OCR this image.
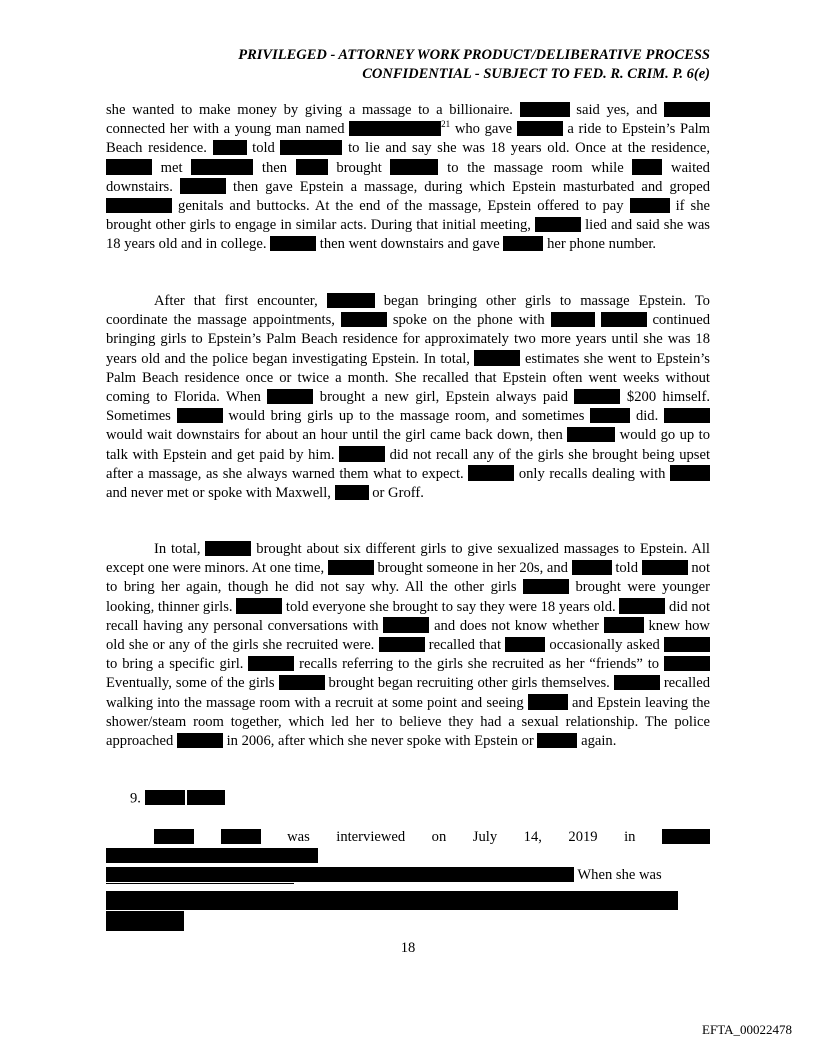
PRIVILEGED - ATTORNEY WORK PRODUCT/DELIBERATIVE PROCESS
CONFIDENTIAL - SUBJECT TO FED. R. CRIM. P. 6(e)

she wanted to make money by giving a massage to a billionaire.	said yes, and  connected her with a young man named	$^{21}$ who gave	a ride to Epstein’s Palm Beach residence.	told	to lie and say she was 18 years old. Once at the residence,  met	then	brought	to the massage room while	waited downstairs.	then gave Epstein a massage, during which Epstein masturbated and groped  genitals and buttocks. At the end of the massage, Epstein offered to pay	if she brought other girls to engage in similar acts. During that initial meeting,	lied and said she was 18 years old and in college.	then went downstairs and gave	her phone number.

After that first encounter,	began bringing other girls to massage Epstein. To coordinate the massage appointments,	spoke on the phone with	continued bringing girls to Epstein’s Palm Beach residence for approximately two more years until she was 18 years old and the police began investigating Epstein. In total,	estimates she went to Epstein’s Palm Beach residence once or twice a month. She recalled that Epstein often went weeks without coming to Florida. When	brought a new girl, Epstein always paid	$200 himself. Sometimes	would bring girls up to the massage room, and sometimes	did.  would wait downstairs for about an hour until the girl came back down, then	would go up to talk with Epstein and get paid by him.	did not recall any of the girls she brought being upset after a massage, as she always warned them what to expect.	only recalls dealing with  and never met or spoke with Maxwell,	or Groff.

In total,	brought about six different girls to give sexualized massages to Epstein. All except one were minors. At one time,	brought someone in her 20s, and	told	not to bring her again, though he did not say why. All the other girls	brought were younger looking, thinner girls.	told everyone she brought to say they were 18 years old.	did not recall having any personal conversations with	and does not know whether	knew how old she or any of the girls she recruited were.	recalled that	occasionally asked  to bring a specific girl.	recalls referring to the girls she recruited as her “friends” to  Eventually, some of the girls	brought began recruiting other girls themselves.	recalled walking into the massage room with a recruit at some point and seeing	and Epstein leaving the shower/steam room together, which led her to believe they had a sexual relationship. The police approached	in 2006, after which she never spoke with Epstein or	again.

9.

was interviewed on July 14, 2019 in    When she was

18
EFTA_00022478
